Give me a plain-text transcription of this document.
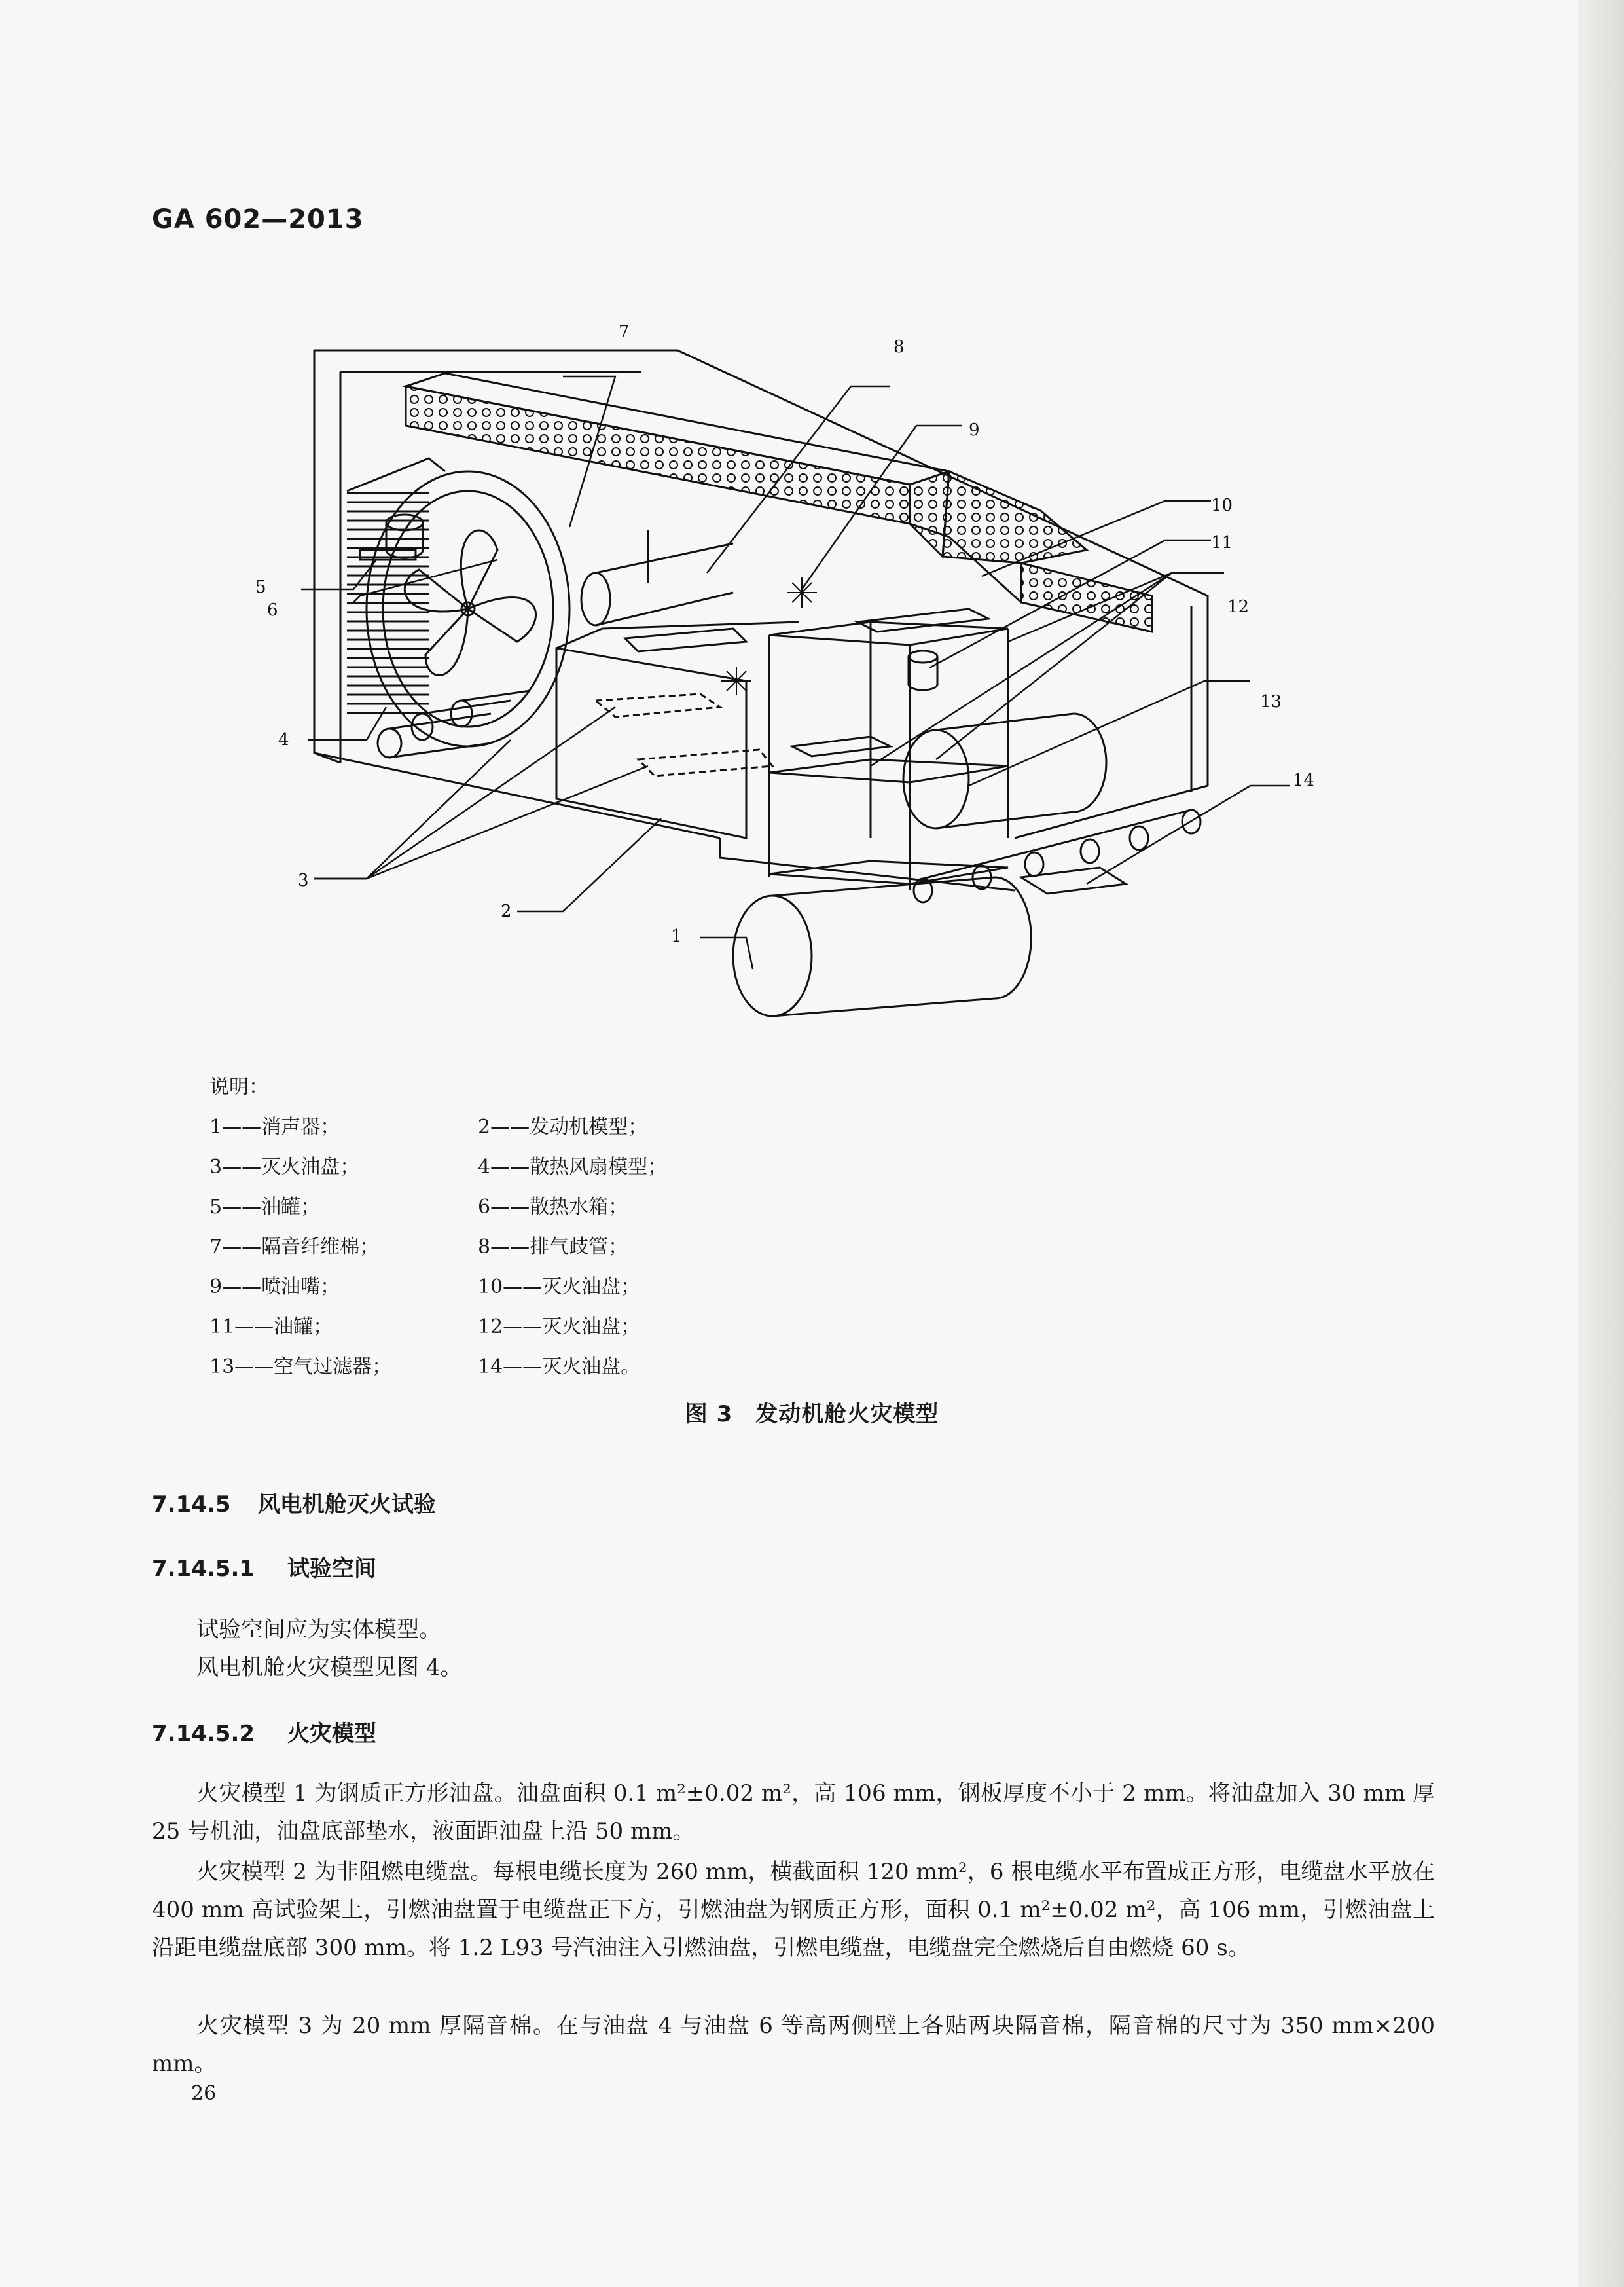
GA 602—2013
7
8
9
10
11
12
13
14
6
5
4
3
2
1
说明：
1——消声器；	2——发动机模型；
3——灭火油盘；	4——散热风扇模型；
5——油罐；	6——散热水箱；
7——隔音纤维棉；	8——排气歧管；
9——喷油嘴；	10——灭火油盘；
11——油罐；	12——灭火油盘；
13——空气过滤器；	14——灭火油盘。
图 3　发动机舱火灾模型
7.14.5 风电机舱灭火试验
7.14.5.1 试验空间
试验空间应为实体模型。
风电机舱火灾模型见图 4。
7.14.5.2 火灾模型
火灾模型 1 为钢质正方形油盘。油盘面积 0.1 m²±0.02 m²，高 106 mm，钢板厚度不小于 2 mm。将油盘加入 30 mm 厚 25 号机油，油盘底部垫水，液面距油盘上沿 50 mm。
火灾模型 2 为非阻燃电缆盘。每根电缆长度为 260 mm，横截面积 120 mm²，6 根电缆水平布置成正方形，电缆盘水平放在 400 mm 高试验架上，引燃油盘置于电缆盘正下方，引燃油盘为钢质正方形，面积 0.1 m²±0.02 m²，高 106 mm，引燃油盘上沿距电缆盘底部 300 mm。将 1.2 L93 号汽油注入引燃油盘，引燃电缆盘，电缆盘完全燃烧后自由燃烧 60 s。
火灾模型 3 为 20 mm 厚隔音棉。在与油盘 4 与油盘 6 等高两侧壁上各贴两块隔音棉，隔音棉的尺寸为 350 mm×200 mm。
26
